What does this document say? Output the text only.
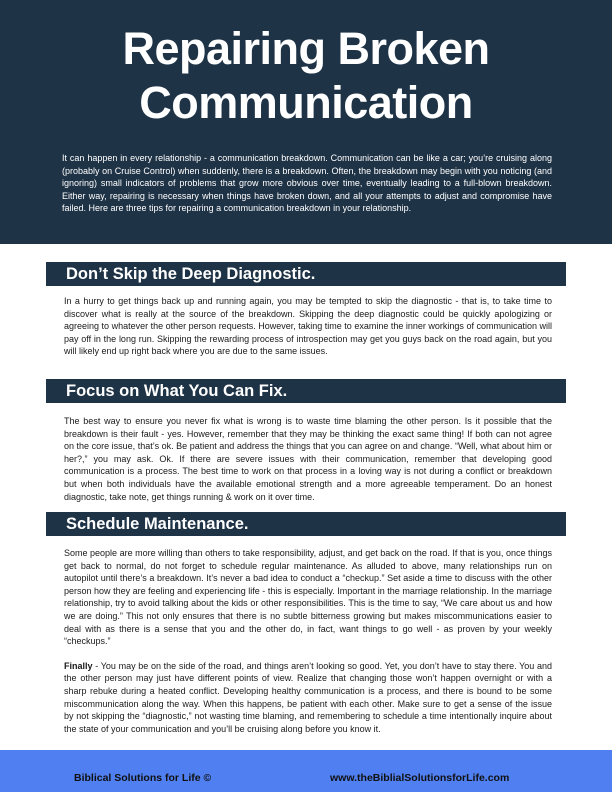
Repairing Broken
Communication
It can happen in every relationship - a communication breakdown. Communication can be like a car; you’re cruising along (probably on Cruise Control) when suddenly, there is a breakdown. Often, the breakdown may begin with you noticing (and ignoring) small indicators of problems that grow more obvious over time, eventually leading to a full-blown breakdown. Either way, repairing is necessary when things have broken down, and all your attempts to adjust and compromise have failed. Here are three tips for repairing a communication breakdown in your relationship.
Don’t Skip the Deep Diagnostic.

In a hurry to get things back up and running again, you may be tempted to skip the diagnostic - that is, to take time to discover what is really at the source of the breakdown. Skipping the deep diagnostic could be quickly apologizing or agreeing to whatever the other person requests. However, taking time to examine the inner workings of communication will pay off in the long run. Skipping the rewarding process of introspection may get you guys back on the road again, but you will likely end up right back where you are due to the same issues.

Focus on What You Can Fix.

The best way to ensure you never fix what is wrong is to waste time blaming the other person. Is it possible that the breakdown is their fault - yes. However, remember that they may be thinking the exact same thing! If both can not agree on the core issue, that’s ok. Be patient and address the things that you can agree on and change. “Well, what about him or her?,” you may ask. Ok. If there are severe issues with their communication, remember that developing good communication is a process. The best time to work on that process in a loving way is not during a conflict or breakdown but when both individuals have the available emotional strength and a more agreeable temperament. Do an honest diagnostic, take note, get things running & work on it over time.

Schedule Maintenance.

Some people are more willing than others to take responsibility, adjust, and get back on the road. If that is you, once things get back to normal, do not forget to schedule regular maintenance. As alluded to above, many relationships run on autopilot until there’s a breakdown. It’s never a bad idea to conduct a “checkup.” Set aside a time to discuss with the other person how they are feeling and experiencing life - this is especially. Important in the marriage relationship. In the marriage relationship, try to avoid talking about the kids or other responsibilities. This is the time to say, “We care about us and how we are doing.” This not only ensures that there is no subtle bitterness growing but makes miscommunications easier to deal with as there is a sense that you and the other do, in fact, want things to go well - as proven by your weekly “checkups.”

Finally - You may be on the side of the road, and things aren’t looking so good. Yet, you don’t have to stay there. You and the other person may just have different points of view. Realize that changing those won’t happen overnight or with a sharp rebuke during a heated conflict. Developing healthy communication is a process, and there is bound to be some miscommunication along the way. When this happens, be patient with each other. Make sure to get a sense of the issue by not skipping the “diagnostic,” not wasting time blaming, and remembering to schedule a time intentionally inquire about the state of your communication and you’ll be cruising along before you know it.

Biblical Solutions for Life ©	www.theBiblialSolutionsforLife.com
